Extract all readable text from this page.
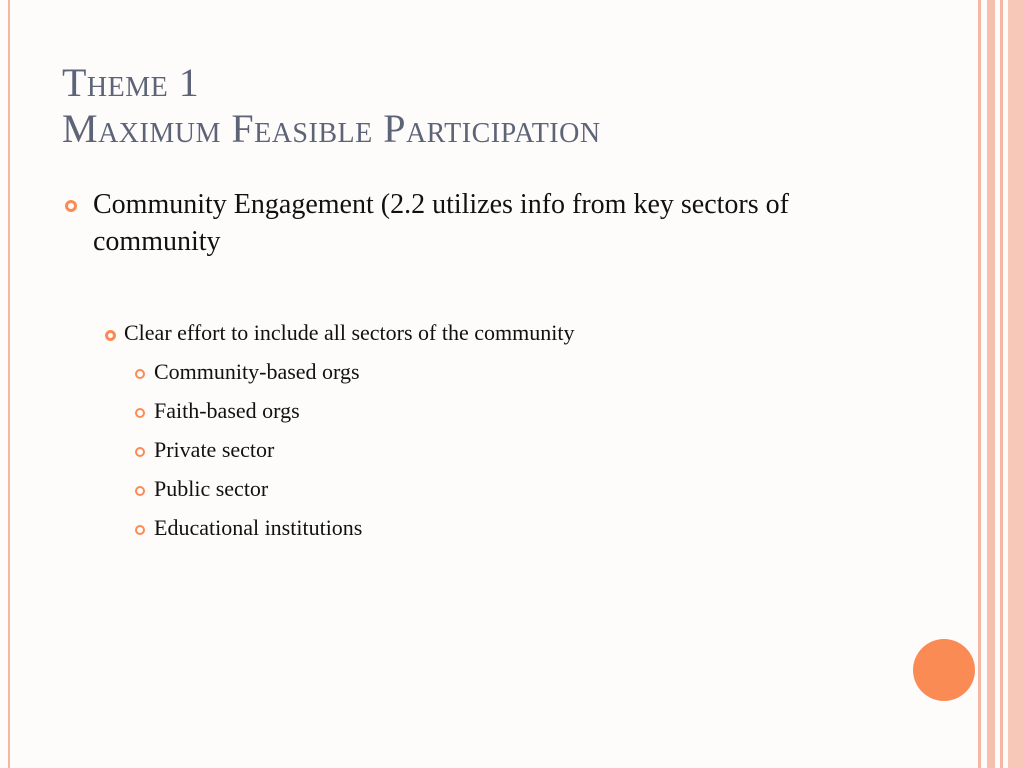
Theme 1
Maximum Feasible Participation
Community Engagement (2.2 utilizes info from key sectors of community
Clear effort to include all sectors of the community
Community-based orgs
Faith-based orgs
Private sector
Public sector
Educational institutions
